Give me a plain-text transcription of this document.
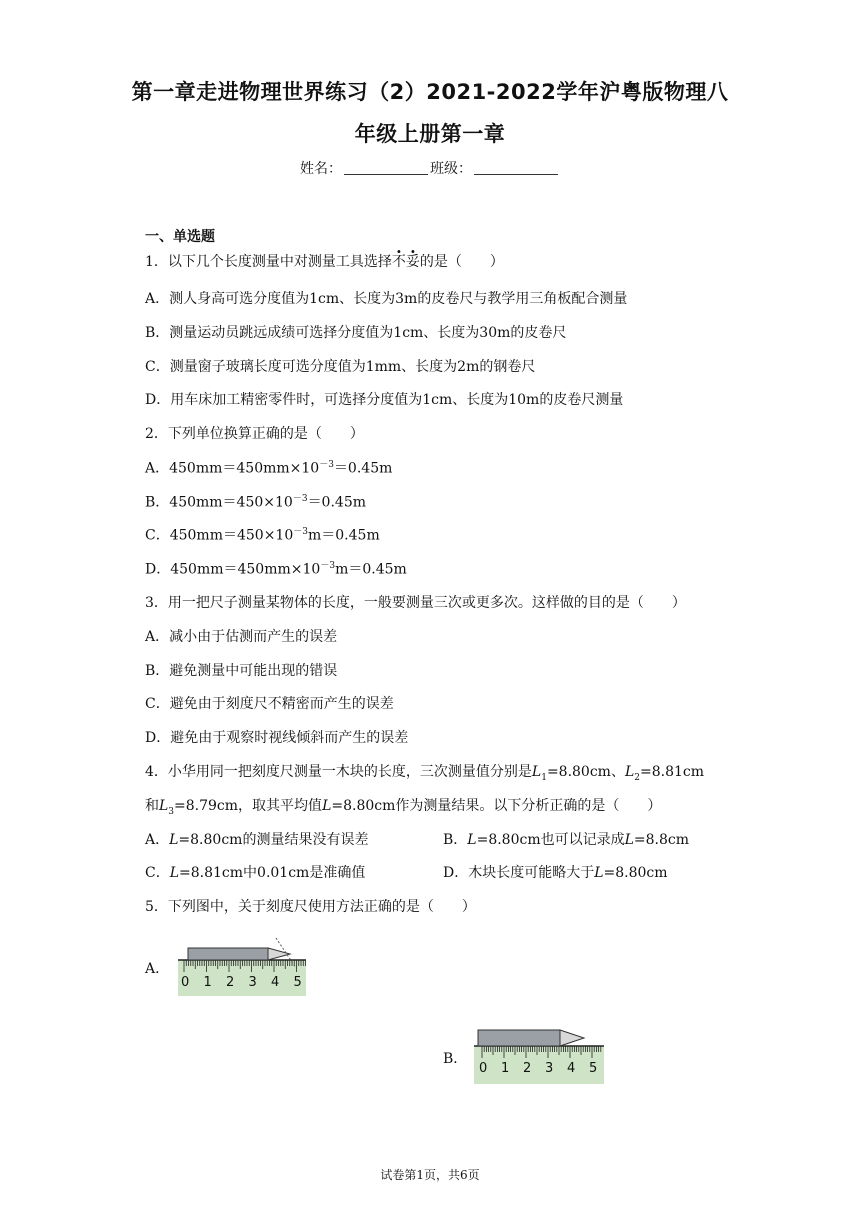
第一章走进物理世界练习（2）2021-2022学年沪粤版物理八
年级上册第一章
姓名：	班级：
一、单选题
1．以下几个长度测量中对测量工具选择不妥的是（　　）
A．测人身高可选分度值为1cm、长度为3m的皮卷尺与教学用三角板配合测量
B．测量运动员跳远成绩可选择分度值为1cm、长度为30m的皮卷尺
C．测量窗子玻璃长度可选分度值为1mm、长度为2m的钢卷尺
D．用车床加工精密零件时，可选择分度值为1cm、长度为10m的皮卷尺测量
2．下列单位换算正确的是（　　）
A．$450mm=450mm\times 10^{-3}=0.45m$
B．$450mm=450\times 10^{-3}=0.45m$
C．$450mm=450\times 10^{-3}m=0.45m$
D．$450mm=450mm\times 10^{-3}m=0.45m$
3．用一把尺子测量某物体的长度，一般要测量三次或更多次。这样做的目的是（　　）
A．减小由于估测而产生的误差
B．避免测量中可能出现的错误
C．避免由于刻度尺不精密而产生的误差
D．避免由于观察时视线倾斜而产生的误差
4．小华用同一把刻度尺测量一木块的长度，三次测量值分别是$L_1=8.80cm$、$L_2=8.81cm$
和$L_3=8.79cm$，取其平均值L=8.80cm作为测量结果。以下分析正确的是（　　）
A．L=8.80cm的测量结果没有误差	B．L=8.80cm也可以记录成L=8.8cm
C．L=8.81cm中0.01cm是准确值	D．木块长度可能略大于L=8.80cm
5．下列图中，关于刻度尺使用方法正确的是（　　）
A．
0 1 2 3 4 5
B．
0 1 2 3 4 5
试卷第1页，共6页
